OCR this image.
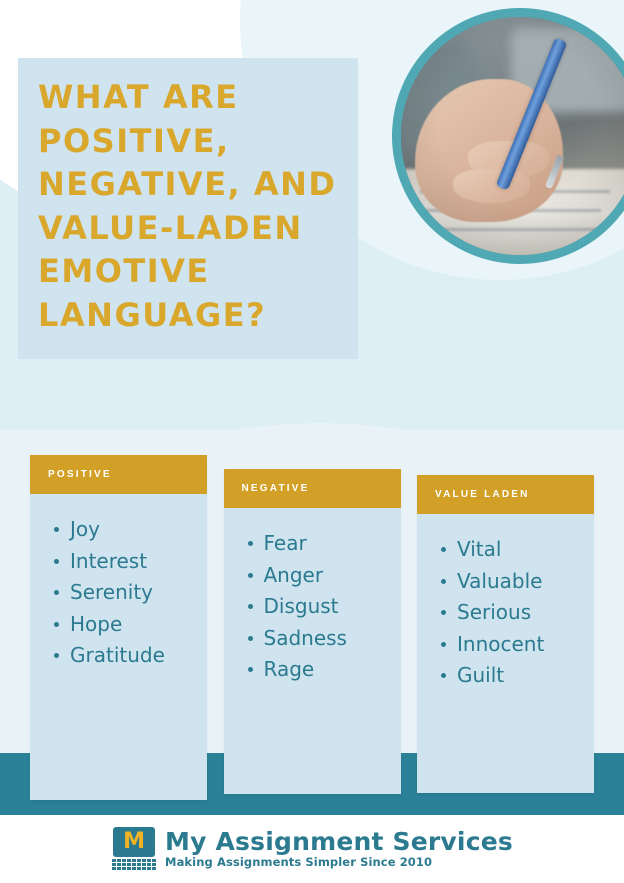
WHAT ARE POSITIVE, NEGATIVE, AND VALUE-LADEN EMOTIVE LANGUAGE?
POSITIVE
Joy
Interest
Serenity
Hope
Gratitude
NEGATIVE
Fear
Anger
Disgust
Sadness
Rage
VALUE LADEN
Vital
Valuable
Serious
Innocent
Guilt
M My Assignment Services
Making Assignments Simpler Since 2010
